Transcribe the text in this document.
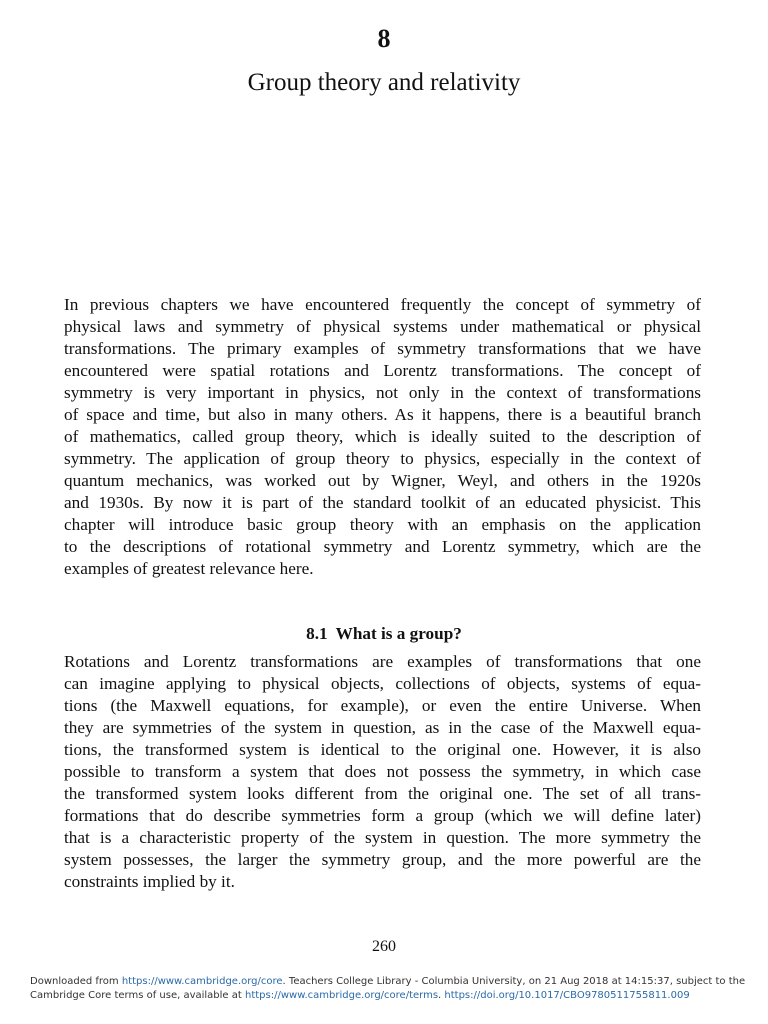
8
Group theory and relativity
In previous chapters we have encountered frequently the concept of symmetry of
physical laws and symmetry of physical systems under mathematical or physical
transformations. The primary examples of symmetry transformations that we have
encountered were spatial rotations and Lorentz transformations. The concept of
symmetry is very important in physics, not only in the context of transformations
of space and time, but also in many others. As it happens, there is a beautiful branch
of mathematics, called group theory, which is ideally suited to the description of
symmetry. The application of group theory to physics, especially in the context of
quantum mechanics, was worked out by Wigner, Weyl, and others in the 1920s
and 1930s. By now it is part of the standard toolkit of an educated physicist. This
chapter will introduce basic group theory with an emphasis on the application
to the descriptions of rotational symmetry and Lorentz symmetry, which are the
examples of greatest relevance here.
8.1 What is a group?
Rotations and Lorentz transformations are examples of transformations that one
can imagine applying to physical objects, collections of objects, systems of equa-
tions (the Maxwell equations, for example), or even the entire Universe. When
they are symmetries of the system in question, as in the case of the Maxwell equa-
tions, the transformed system is identical to the original one. However, it is also
possible to transform a system that does not possess the symmetry, in which case
the transformed system looks different from the original one. The set of all trans-
formations that do describe symmetries form a group (which we will define later)
that is a characteristic property of the system in question. The more symmetry the
system possesses, the larger the symmetry group, and the more powerful are the
constraints implied by it.
260
Downloaded from https://www.cambridge.org/core. Teachers College Library - Columbia University, on 21 Aug 2018 at 14:15:37, subject to the
Cambridge Core terms of use, available at https://www.cambridge.org/core/terms. https://doi.org/10.1017/CBO9780511755811.009
